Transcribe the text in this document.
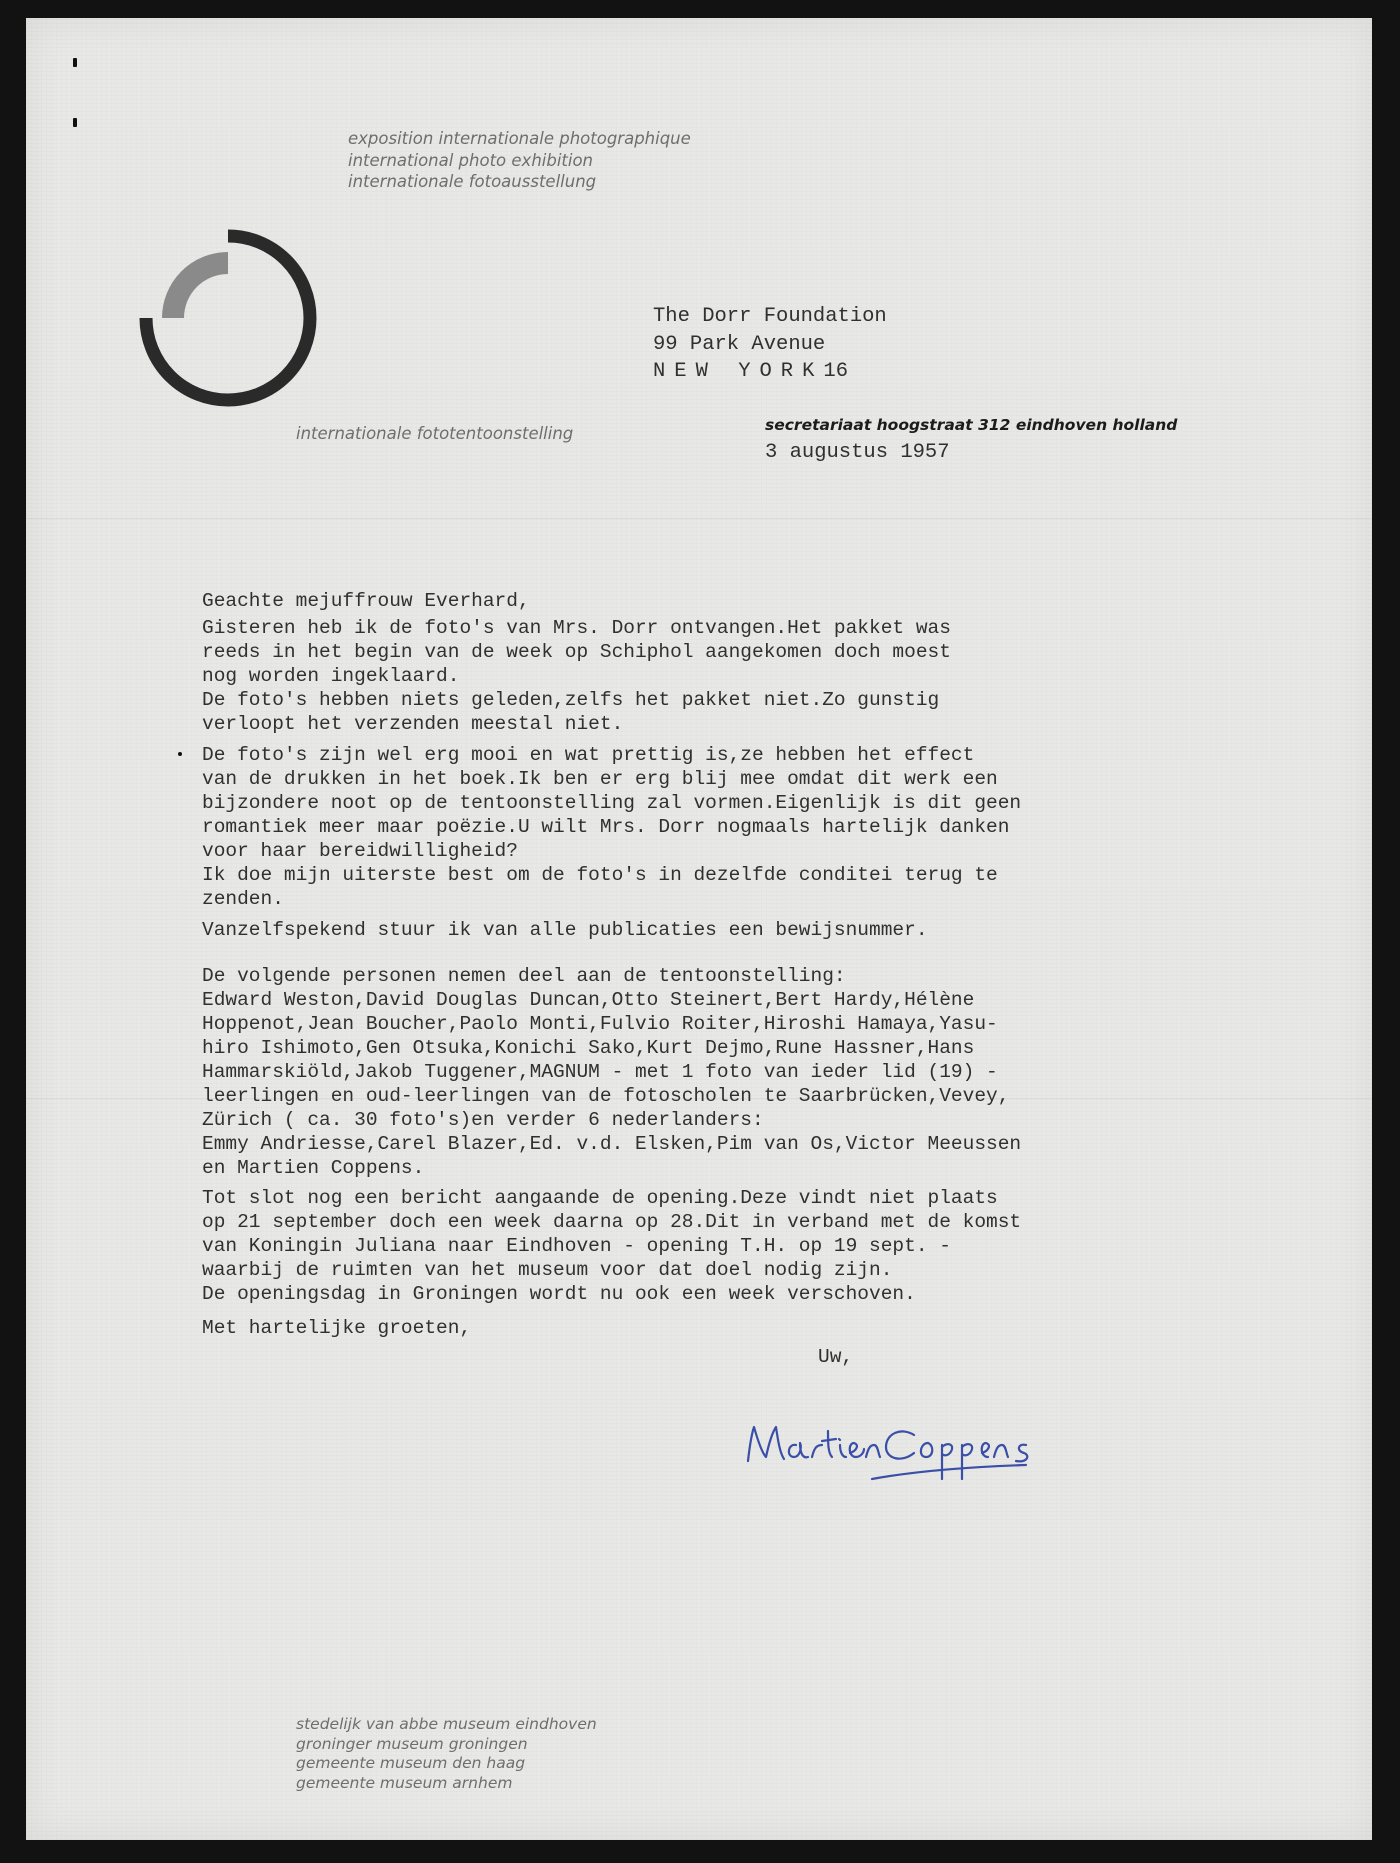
exposition internationale photographique
international photo exhibition
internationale fotoausstellung
internationale fototentoonstelling
The Dorr Foundation
99 Park Avenue
NEW YORK16
secretariaat hoogstraat 312 eindhoven holland
3 augustus 1957
Geachte mejuffrouw Everhard,
Gisteren heb ik de foto's van Mrs. Dorr ontvangen.Het pakket was
reeds in het begin van de week op Schiphol aangekomen doch moest
nog worden ingeklaard.
De foto's hebben niets geleden,zelfs het pakket niet.Zo gunstig
verloopt het verzenden meestal niet.
De foto's zijn wel erg mooi en wat prettig is,ze hebben het effect
van de drukken in het boek.Ik ben er erg blij mee omdat dit werk een
bijzondere noot op de tentoonstelling zal vormen.Eigenlijk is dit geen
romantiek meer maar poëzie.U wilt Mrs. Dorr nogmaals hartelijk danken
voor haar bereidwilligheid?
Ik doe mijn uiterste best om de foto's in dezelfde conditei terug te
zenden.
Vanzelfspekend stuur ik van alle publicaties een bewijsnummer.
De volgende personen nemen deel aan de tentoonstelling:
Edward Weston,David Douglas Duncan,Otto Steinert,Bert Hardy,Hélène
Hoppenot,Jean Boucher,Paolo Monti,Fulvio Roiter,Hiroshi Hamaya,Yasu-
hiro Ishimoto,Gen Otsuka,Konichi Sako,Kurt Dejmo,Rune Hassner,Hans
Hammarskiöld,Jakob Tuggener,MAGNUM - met 1 foto van ieder lid (19) -
leerlingen en oud-leerlingen van de fotoscholen te Saarbrücken,Vevey,
Zürich ( ca. 30 foto's)en verder 6 nederlanders:
Emmy Andriesse,Carel Blazer,Ed. v.d. Elsken,Pim van Os,Victor Meeussen
en Martien Coppens.
Tot slot nog een bericht aangaande de opening.Deze vindt niet plaats
op 21 september doch een week daarna op 28.Dit in verband met de komst
van Koningin Juliana naar Eindhoven - opening T.H. op 19 sept. -
waarbij de ruimten van het museum voor dat doel nodig zijn.
De openingsdag in Groningen wordt nu ook een week verschoven.
Met hartelijke groeten,
Uw,
stedelijk van abbe museum eindhoven
groninger museum groningen
gemeente museum den haag
gemeente museum arnhem
